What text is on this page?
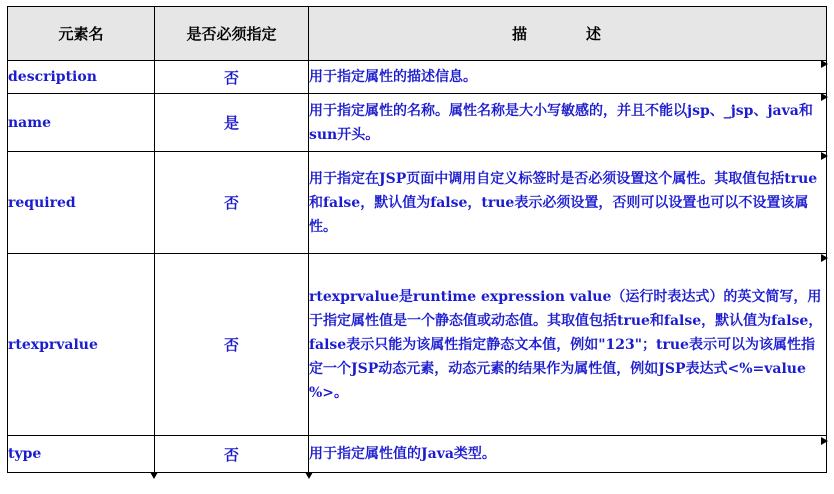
元素名	是否必须指定	描　述
description	否	用于指定属性的描述信息。
name	是	用于指定属性的名称。属性名称是大小写敏感的，并且不能以jsp、_jsp、java和sun开头。
required	否	用于指定在JSP页面中调用自定义标签时是否必须设置这个属性。其取值包括true和false，默认值为false，true表示必须设置，否则可以设置也可以不设置该属性。
rtexprvalue	否	rtexprvalue是runtime expression value（运行时表达式）的英文简写，用于指定属性值是一个静态值或动态值。其取值包括true和false，默认值为false，false表示只能为该属性指定静态文本值，例如"123"；true表示可以为该属性指定一个JSP动态元素，动态元素的结果作为属性值，例如JSP表达式<%=value %>。
type	否	用于指定属性值的Java类型。
